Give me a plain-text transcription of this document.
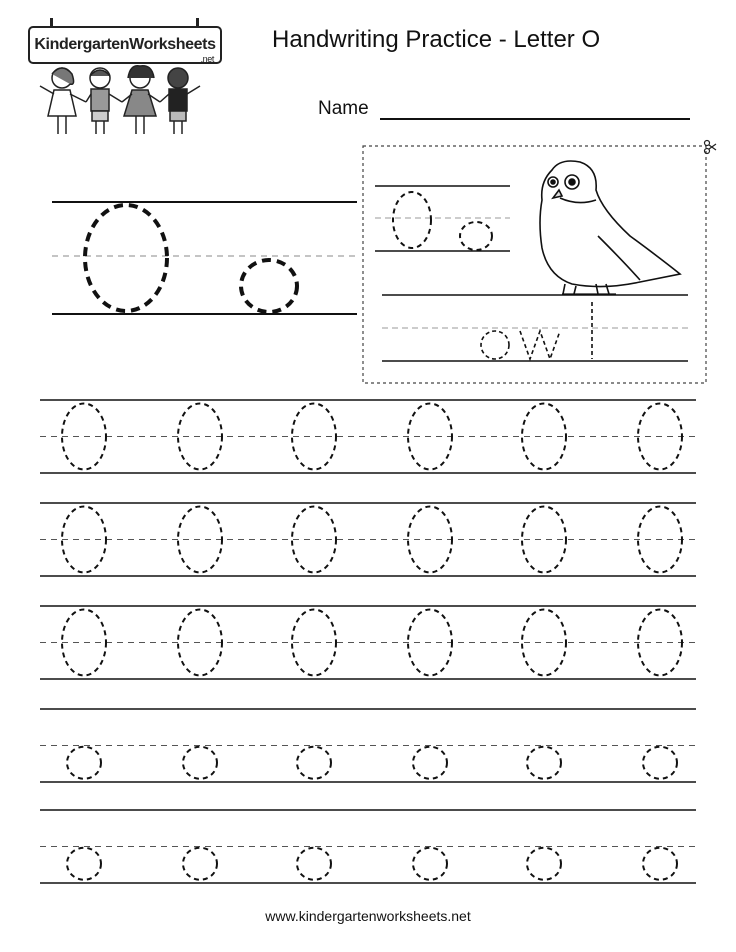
KindergartenWorksheets
.net
Handwriting Practice - Letter O
Name
www.kindergartenworksheets.net
